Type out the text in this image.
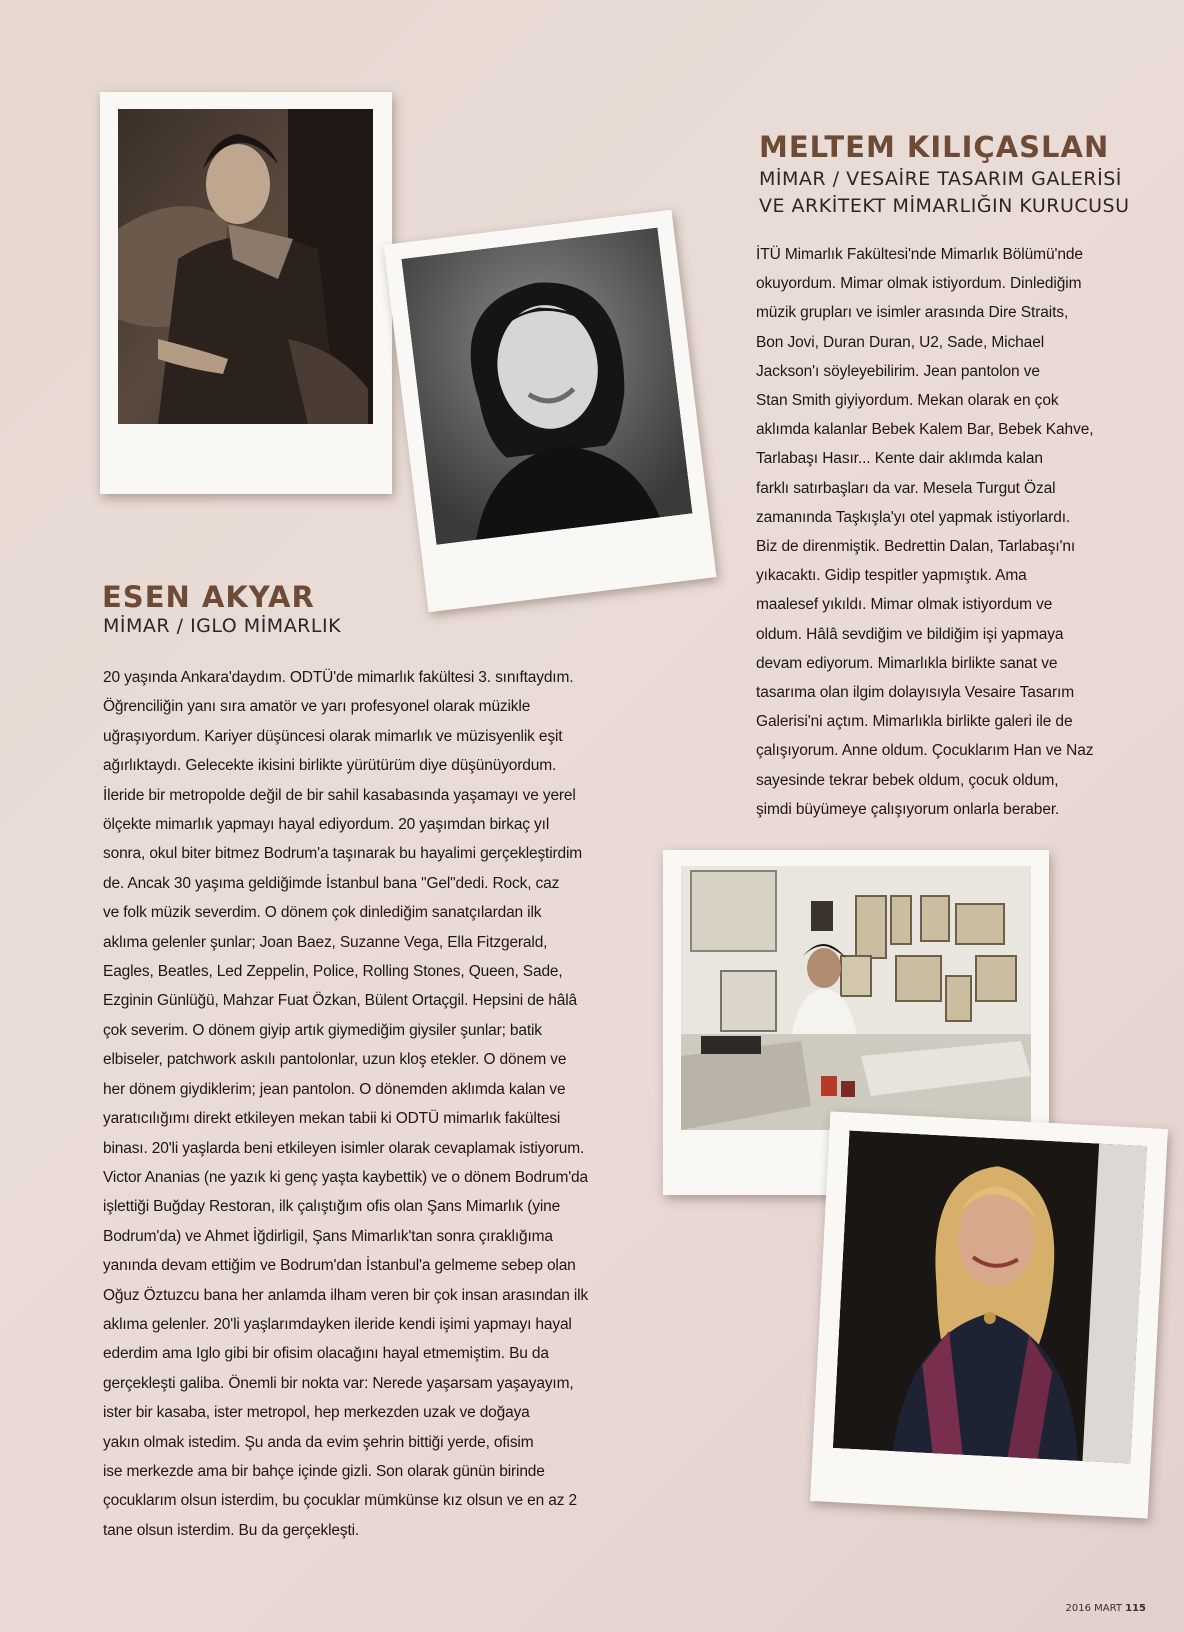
ESEN AKYAR

MİMAR / IGLO MİMARLIK

20 yaşında Ankara'daydım. ODTÜ'de mimarlık fakültesi 3. sınıftaydım.
Öğrenciliğin yanı sıra amatör ve yarı profesyonel olarak müzikle
uğraşıyordum. Kariyer düşüncesi olarak mimarlık ve müzisyenlik eşit
ağırlıktaydı. Gelecekte ikisini birlikte yürütürüm diye düşünüyordum.
İleride bir metropolde değil de bir sahil kasabasında yaşamayı ve yerel
ölçekte mimarlık yapmayı hayal ediyordum. 20 yaşımdan birkaç yıl
sonra, okul biter bitmez Bodrum'a taşınarak bu hayalimi gerçekleştirdim
de. Ancak 30 yaşıma geldiğimde İstanbul bana "Gel"dedi. Rock, caz
ve folk müzik severdim. O dönem çok dinlediğim sanatçılardan ilk
aklıma gelenler şunlar; Joan Baez, Suzanne Vega, Ella Fitzgerald,
Eagles, Beatles, Led Zeppelin, Police, Rolling Stones, Queen, Sade,
Ezginin Günlüğü, Mahzar Fuat Özkan, Bülent Ortaçgil. Hepsini de hâlâ
çok severim. O dönem giyip artık giymediğim giysiler şunlar; batik
elbiseler, patchwork askılı pantolonlar, uzun kloş etekler. O dönem ve
her dönem giydiklerim; jean pantolon. O dönemden aklımda kalan ve
yaratıcılığımı direkt etkileyen mekan tabii ki ODTÜ mimarlık fakültesi
binası. 20'li yaşlarda beni etkileyen isimler olarak cevaplamak istiyorum.
Victor Ananias (ne yazık ki genç yaşta kaybettik) ve o dönem Bodrum'da
işlettiği Buğday Restoran, ilk çalıştığım ofis olan Şans Mimarlık (yine
Bodrum'da) ve Ahmet İğdirligil, Şans Mimarlık'tan sonra çıraklığıma
yanında devam ettiğim ve Bodrum'dan İstanbul'a gelmeme sebep olan
Oğuz Öztuzcu bana her anlamda ilham veren bir çok insan arasından ilk
aklıma gelenler. 20'li yaşlarımdayken ileride kendi işimi yapmayı hayal
ederdim ama Iglo gibi bir ofisim olacağını hayal etmemiştim. Bu da
gerçekleşti galiba. Önemli bir nokta var: Nerede yaşarsam yaşayayım,
ister bir kasaba, ister metropol, hep merkezden uzak ve doğaya
yakın olmak istedim. Şu anda da evim şehrin bittiği yerde, ofisim
ise merkezde ama bir bahçe içinde gizli. Son olarak günün birinde
çocuklarım olsun isterdim, bu çocuklar mümkünse kız olsun ve en az 2
tane olsun isterdim. Bu da gerçekleşti.
MELTEM KILIÇASLAN
MİMAR / VESAİRE TASARIM GALERİSİ
VE ARKİTEKT MİMARLIĞIN KURUCUSU
İTÜ Mimarlık Fakültesi'nde Mimarlık Bölümü'nde
okuyordum. Mimar olmak istiyordum. Dinlediğim
müzik grupları ve isimler arasında Dire Straits,
Bon Jovi, Duran Duran, U2, Sade, Michael
Jackson'ı söyleyebilirim. Jean pantolon ve
Stan Smith giyiyordum. Mekan olarak en çok
aklımda kalanlar Bebek Kalem Bar, Bebek Kahve,
Tarlabaşı Hasır... Kente dair aklımda kalan
farklı satırbaşları da var. Mesela Turgut Özal
zamanında Taşkışla'yı otel yapmak istiyorlardı.
Biz de direnmiştik. Bedrettin Dalan, Tarlabaşı'nı
yıkacaktı. Gidip tespitler yapmıştık. Ama
maalesef yıkıldı. Mimar olmak istiyordum ve
oldum. Hâlâ sevdiğim ve bildiğim işi yapmaya
devam ediyorum. Mimarlıkla birlikte sanat ve
tasarıma olan ilgim dolayısıyla Vesaire Tasarım
Galerisi'ni açtım. Mimarlıkla birlikte galeri ile de
çalışıyorum. Anne oldum. Çocuklarım Han ve Naz
sayesinde tekrar bebek oldum, çocuk oldum,
şimdi büyümeye çalışıyorum onlarla beraber.
2016 MART 115
